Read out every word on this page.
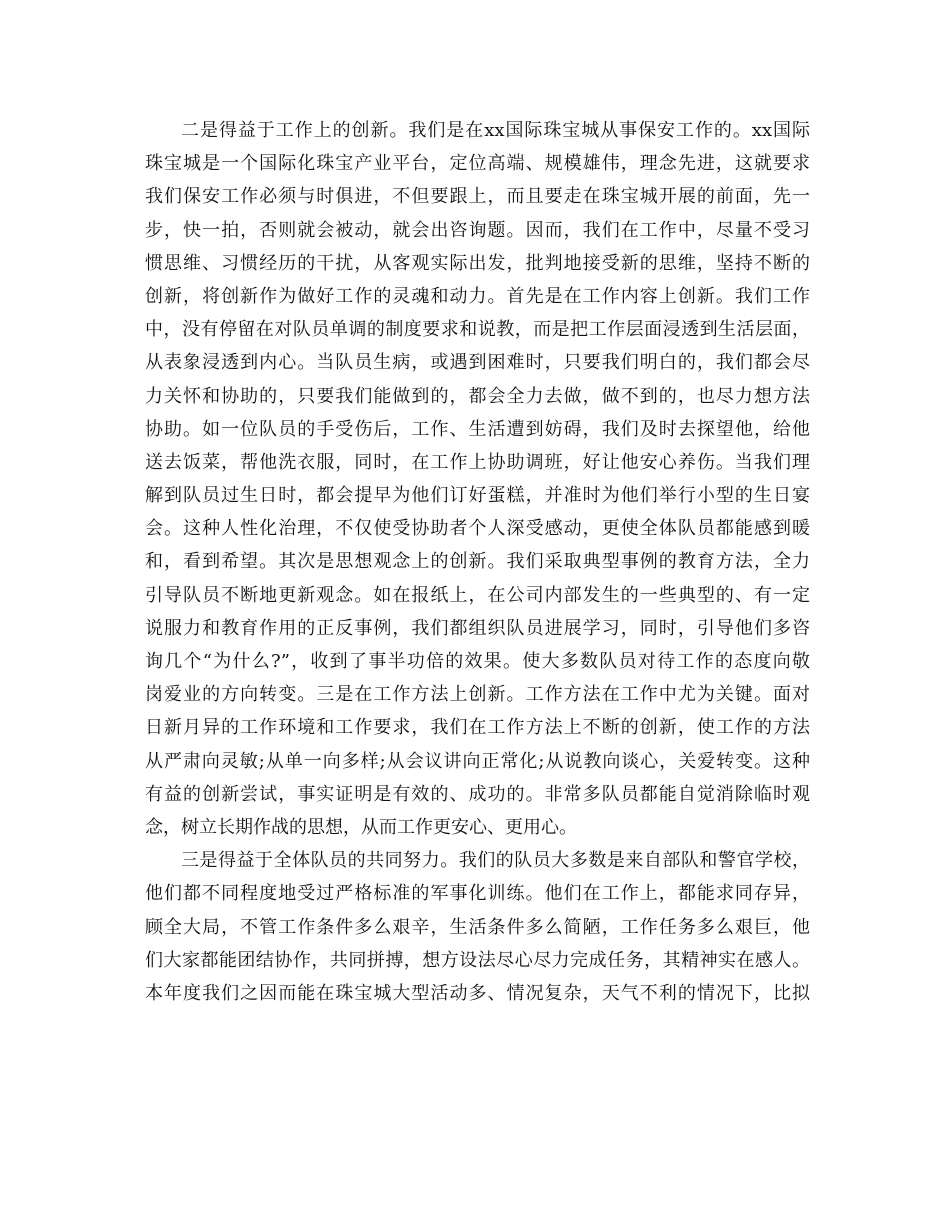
二是得益于工作上的创新。我们是在xx国际珠宝城从事保安工作的。xx国际
珠宝城是一个国际化珠宝产业平台，定位高端、规模雄伟，理念先进，这就要求
我们保安工作必须与时俱进，不但要跟上，而且要走在珠宝城开展的前面，先一
步，快一拍，否则就会被动，就会出咨询题。因而，我们在工作中，尽量不受习
惯思维、习惯经历的干扰，从客观实际出发，批判地接受新的思维，坚持不断的
创新，将创新作为做好工作的灵魂和动力。首先是在工作内容上创新。我们工作
中，没有停留在对队员单调的制度要求和说教，而是把工作层面浸透到生活层面，
从表象浸透到内心。当队员生病，或遇到困难时，只要我们明白的，我们都会尽
力关怀和协助的，只要我们能做到的，都会全力去做，做不到的，也尽力想方法
协助。如一位队员的手受伤后，工作、生活遭到妨碍，我们及时去探望他，给他
送去饭菜，帮他洗衣服，同时，在工作上协助调班，好让他安心养伤。当我们理
解到队员过生日时，都会提早为他们订好蛋糕，并准时为他们举行小型的生日宴
会。这种人性化治理，不仅使受协助者个人深受感动，更使全体队员都能感到暖
和，看到希望。其次是思想观念上的创新。我们采取典型事例的教育方法，全力
引导队员不断地更新观念。如在报纸上，在公司内部发生的一些典型的、有一定
说服力和教育作用的正反事例，我们都组织队员进展学习，同时，引导他们多咨
询几个“为什么?”，收到了事半功倍的效果。使大多数队员对待工作的态度向敬
岗爱业的方向转变。三是在工作方法上创新。工作方法在工作中尤为关键。面对
日新月异的工作环境和工作要求，我们在工作方法上不断的创新，使工作的方法
从严肃向灵敏;从单一向多样;从会议讲向正常化;从说教向谈心，关爱转变。这种
有益的创新尝试，事实证明是有效的、成功的。非常多队员都能自觉消除临时观
念，树立长期作战的思想，从而工作更安心、更用心。
三是得益于全体队员的共同努力。我们的队员大多数是来自部队和警官学校，
他们都不同程度地受过严格标准的军事化训练。他们在工作上，都能求同存异，
顾全大局，不管工作条件多么艰辛，生活条件多么简陋，工作任务多么艰巨，他
们大家都能团结协作，共同拼搏，想方设法尽心尽力完成任务，其精神实在感人。
本年度我们之因而能在珠宝城大型活动多、情况复杂，天气不利的情况下，比拟
